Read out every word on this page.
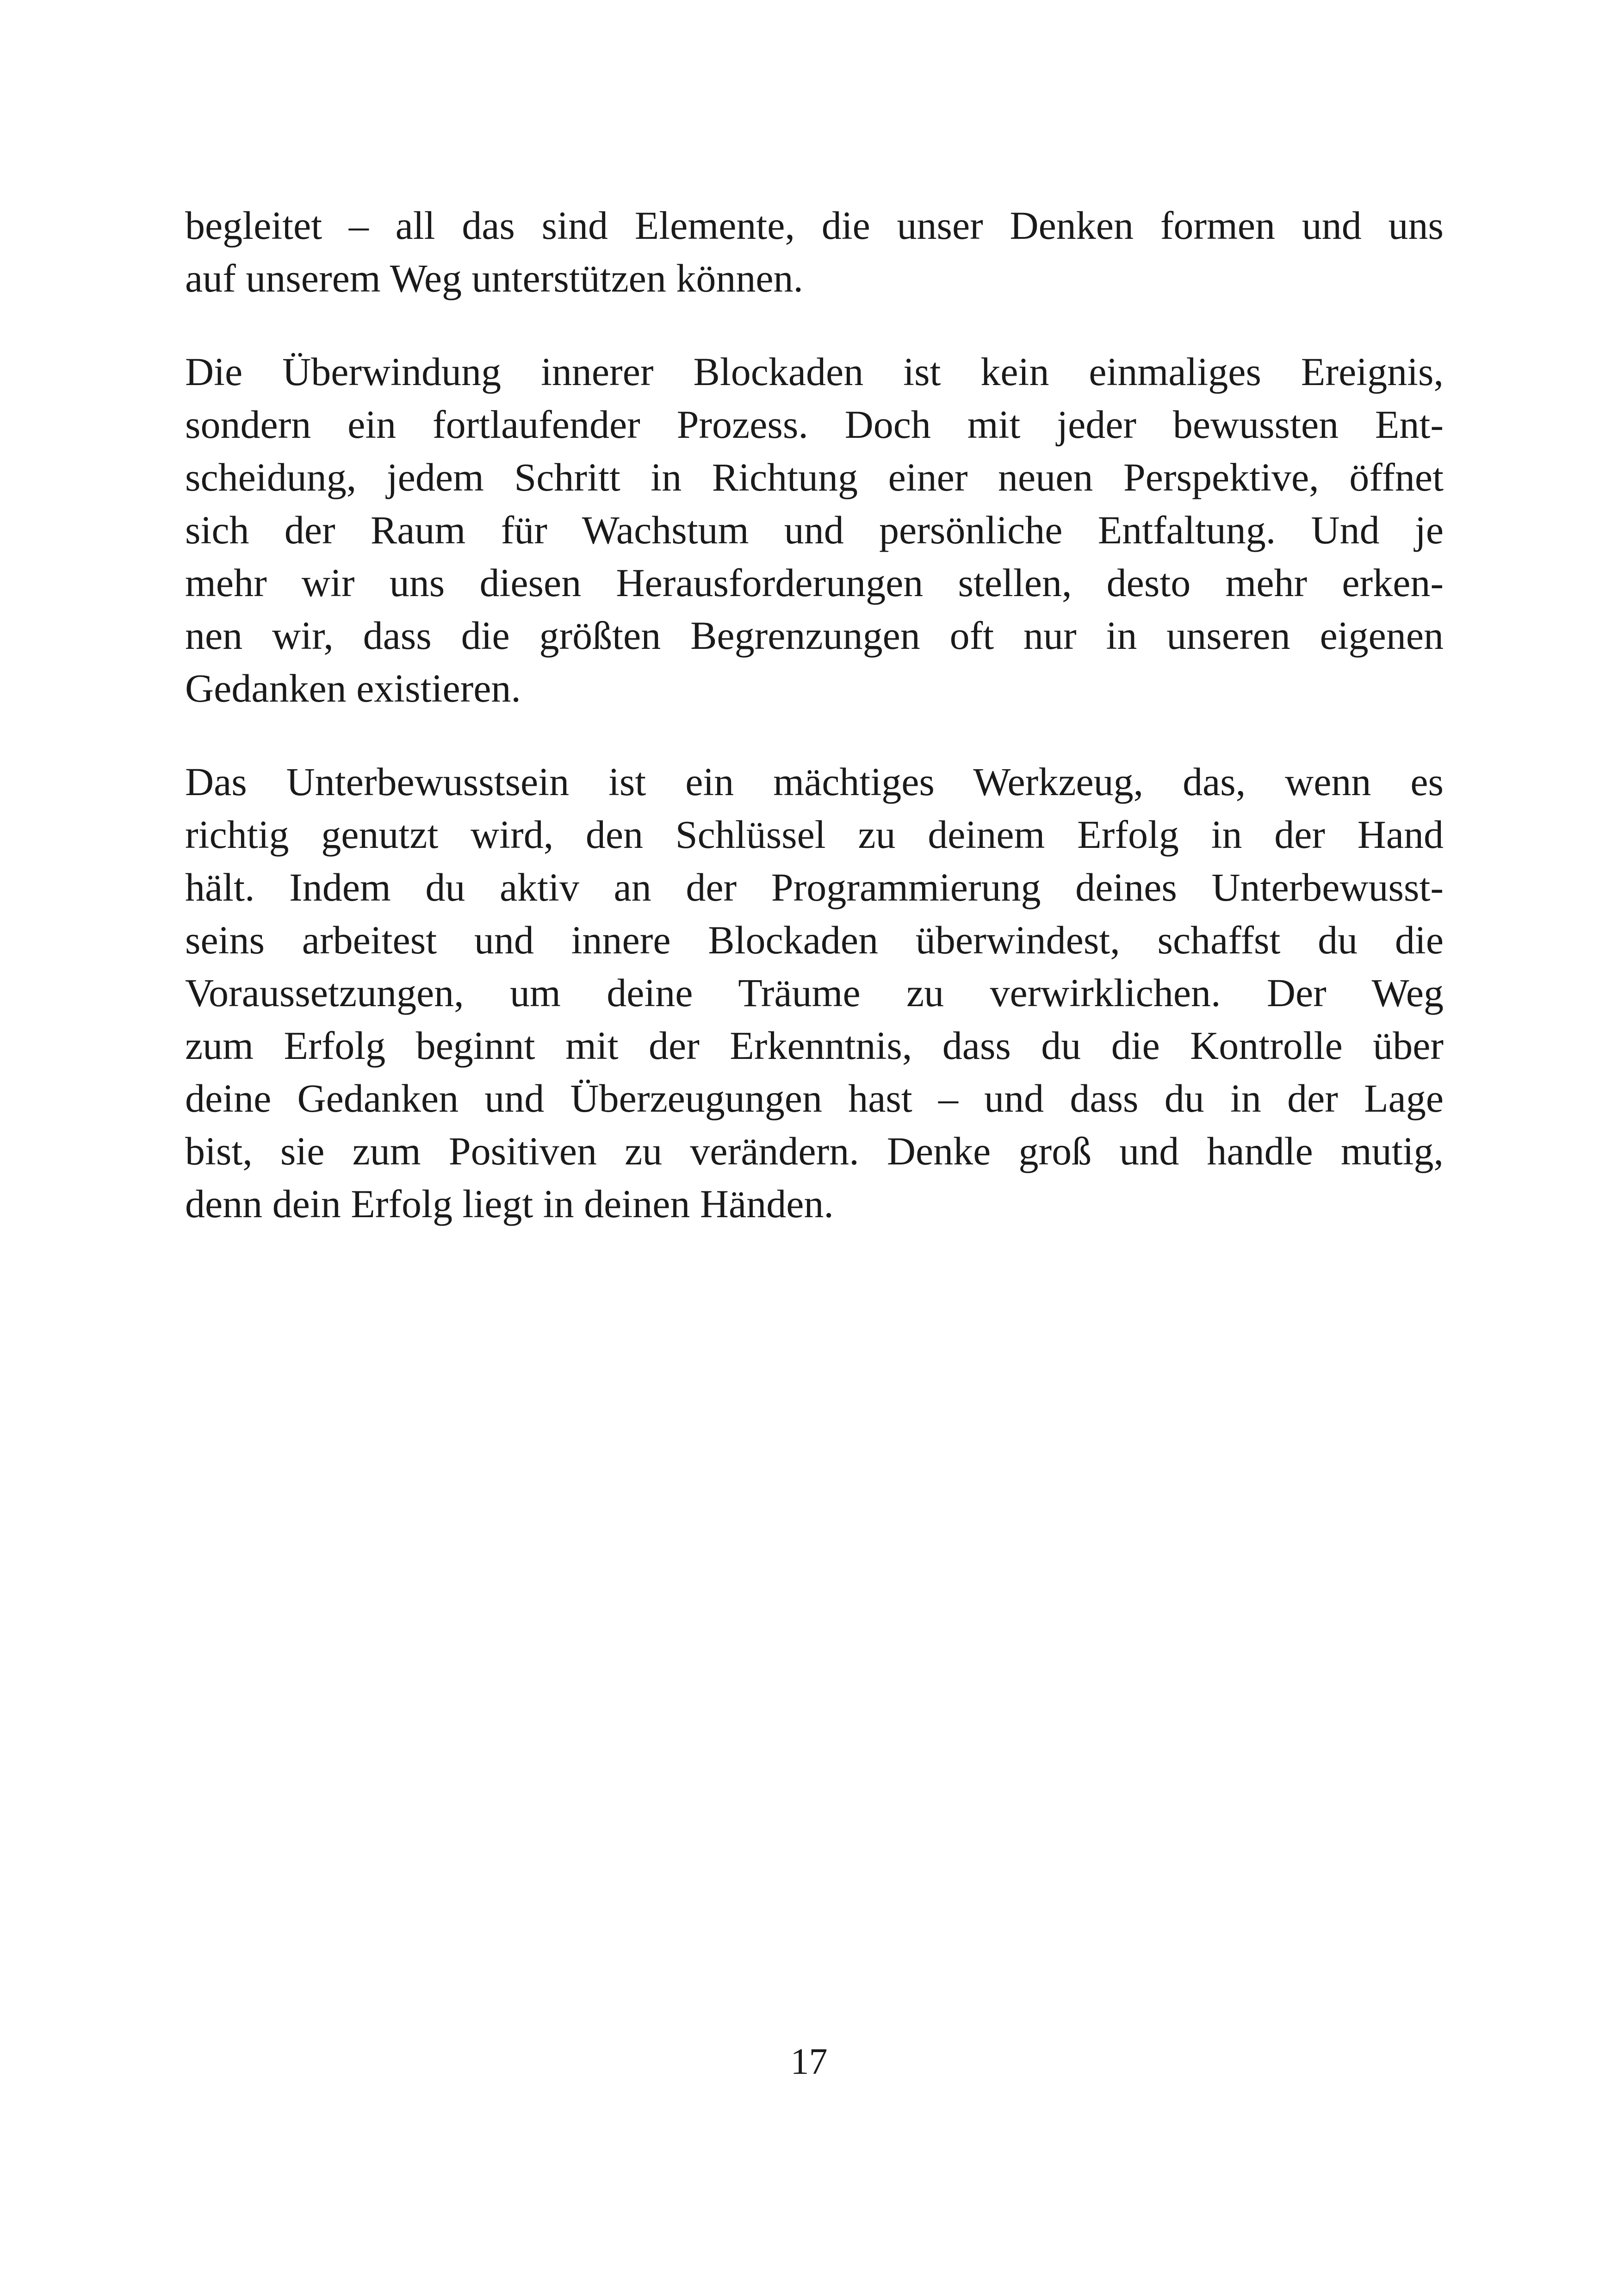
begleitet – all das sind Elemente, die unser Denken formen und uns
auf unserem Weg unterstützen können.

Die Überwindung innerer Blockaden ist kein einmaliges Ereignis,
sondern ein fortlaufender Prozess. Doch mit jeder bewussten Ent-
scheidung, jedem Schritt in Richtung einer neuen Perspektive, öffnet
sich der Raum für Wachstum und persönliche Entfaltung. Und je
mehr wir uns diesen Herausforderungen stellen, desto mehr erken-
nen wir, dass die größten Begrenzungen oft nur in unseren eigenen
Gedanken existieren.

Das Unterbewusstsein ist ein mächtiges Werkzeug, das, wenn es
richtig genutzt wird, den Schlüssel zu deinem Erfolg in der Hand
hält. Indem du aktiv an der Programmierung deines Unterbewusst-
seins arbeitest und innere Blockaden überwindest, schaffst du die
Voraussetzungen, um deine Träume zu verwirklichen. Der Weg
zum Erfolg beginnt mit der Erkenntnis, dass du die Kontrolle über
deine Gedanken und Überzeugungen hast – und dass du in der Lage
bist, sie zum Positiven zu verändern. Denke groß und handle mutig,
denn dein Erfolg liegt in deinen Händen.

17
